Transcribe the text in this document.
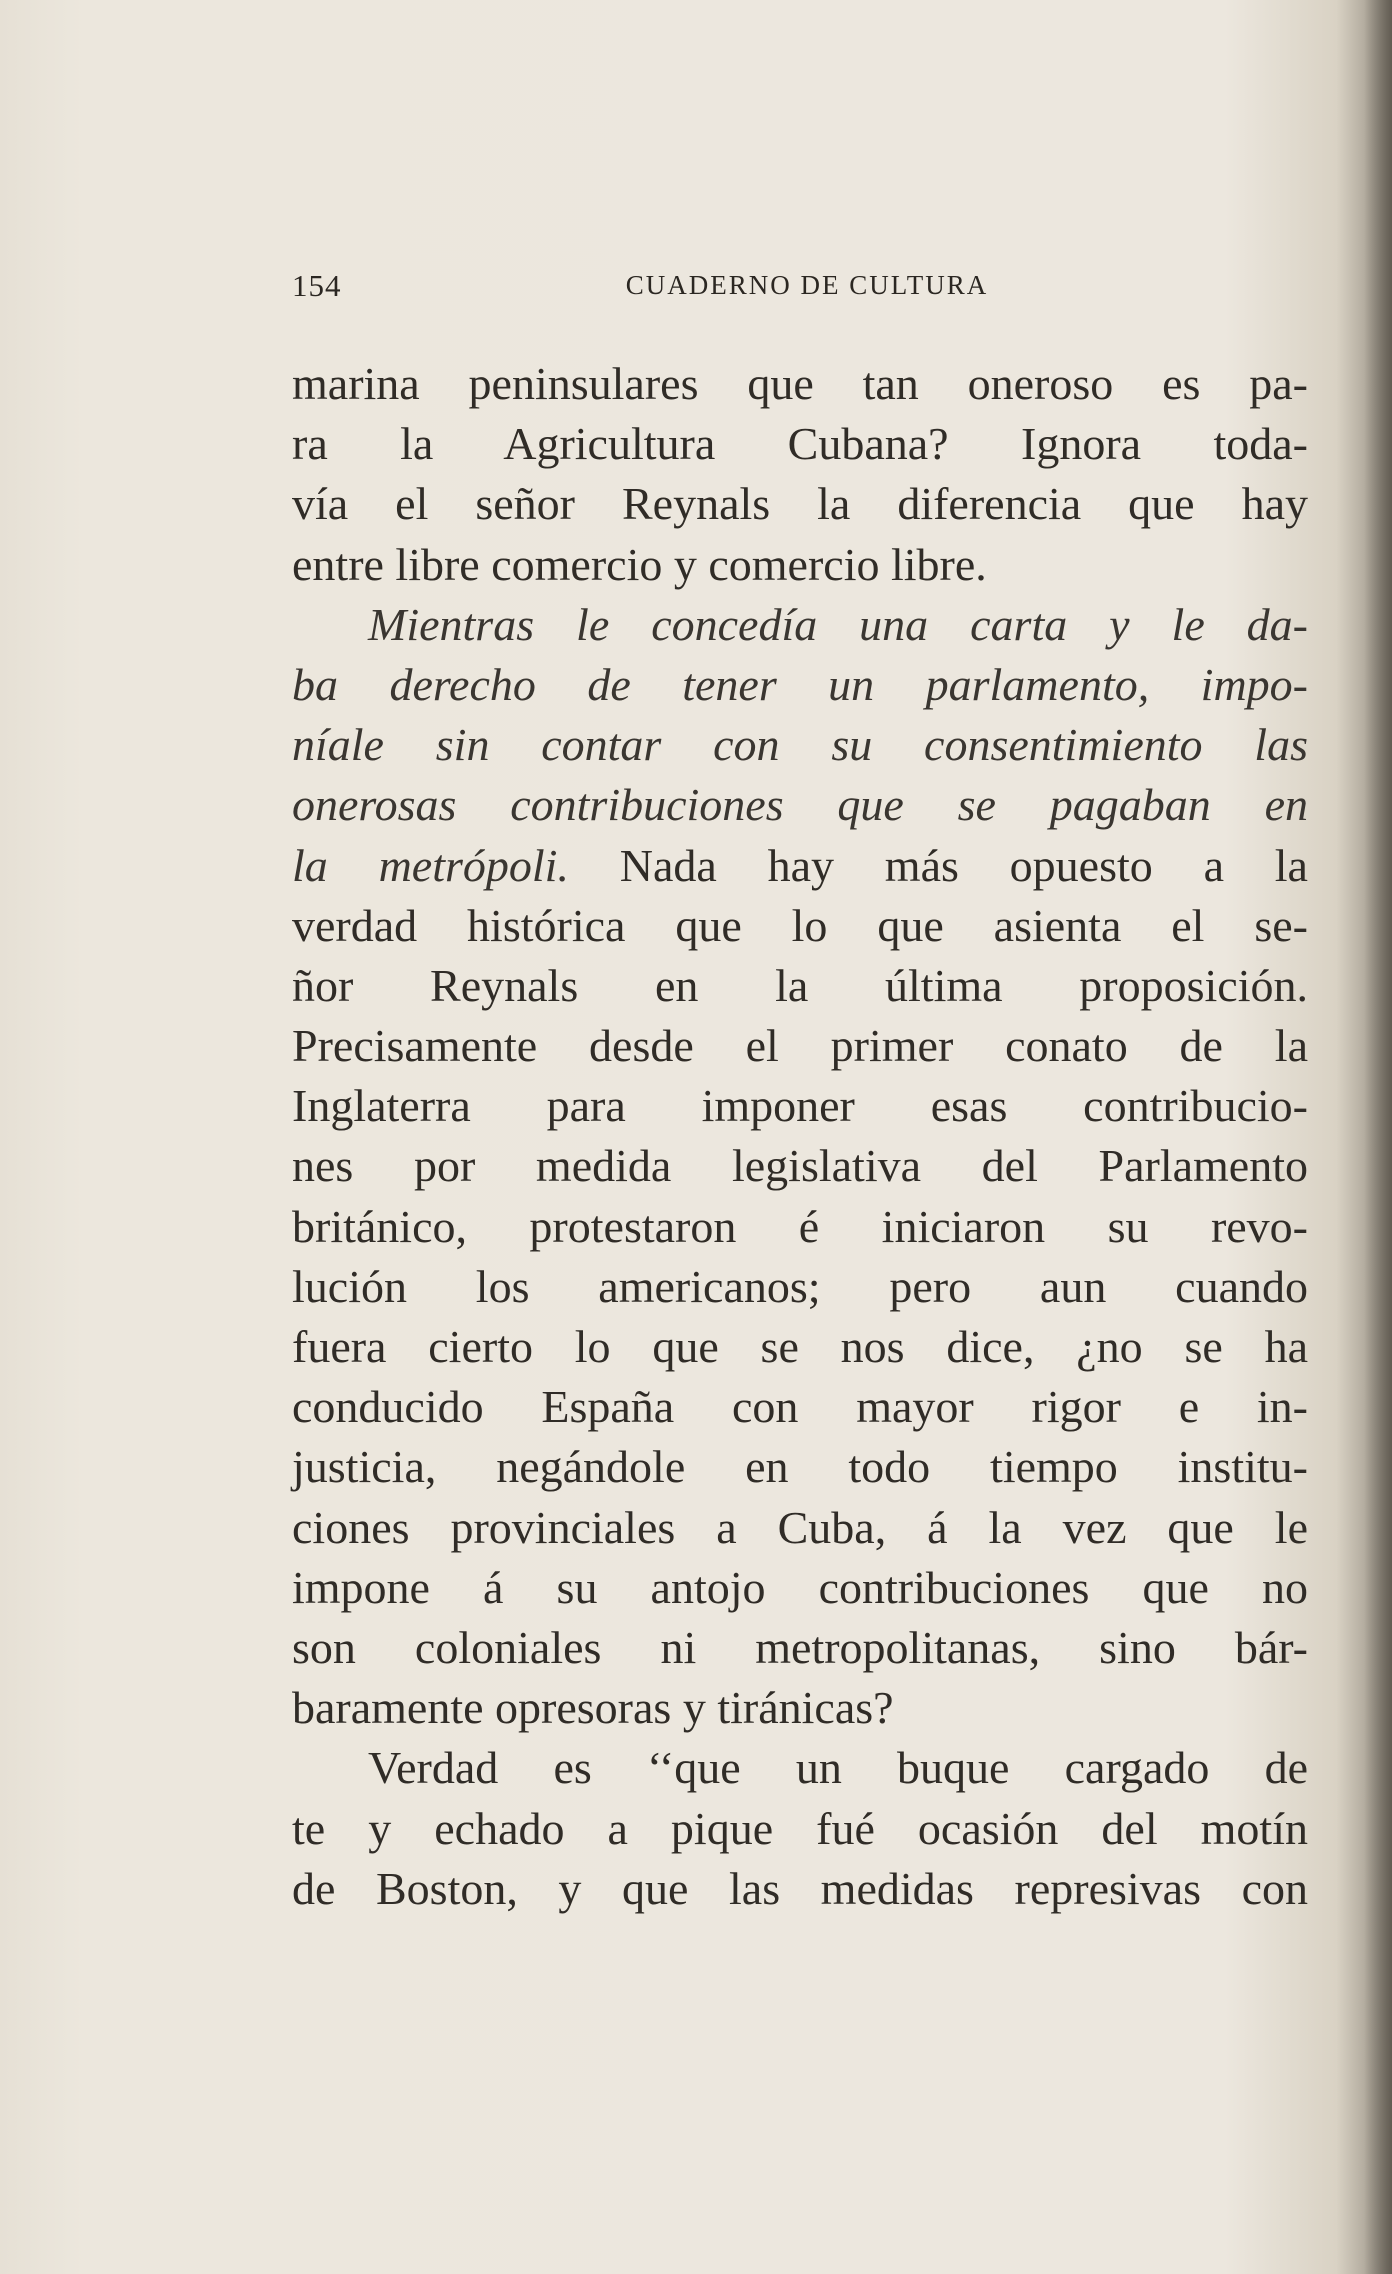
154	CUADERNO DE CULTURA
marina peninsulares que tan oneroso es pa-
ra la Agricultura Cubana? Ignora toda-
vía el señor Reynals la diferencia que hay
entre libre comercio y comercio libre.
Mientras le concedía una carta y le da-
ba derecho de tener un parlamento, impo-
níale sin contar con su consentimiento las
onerosas contribuciones que se pagaban en
la metrópoli. Nada hay más opuesto a la
verdad histórica que lo que asienta el se-
ñor Reynals en la última proposición.
Precisamente desde el primer conato de la
Inglaterra para imponer esas contribucio-
nes por medida legislativa del Parlamento
británico, protestaron é iniciaron su revo-
lución los americanos; pero aun cuando
fuera cierto lo que se nos dice, ¿no se ha
conducido España con mayor rigor e in-
justicia, negándole en todo tiempo institu-
ciones provinciales a Cuba, á la vez que le
impone á su antojo contribuciones que no
son coloniales ni metropolitanas, sino bár-
baramente opresoras y tiránicas?
Verdad es ‘‘que un buque cargado de
te y echado a pique fué ocasión del motín
de Boston, y que las medidas represivas con
